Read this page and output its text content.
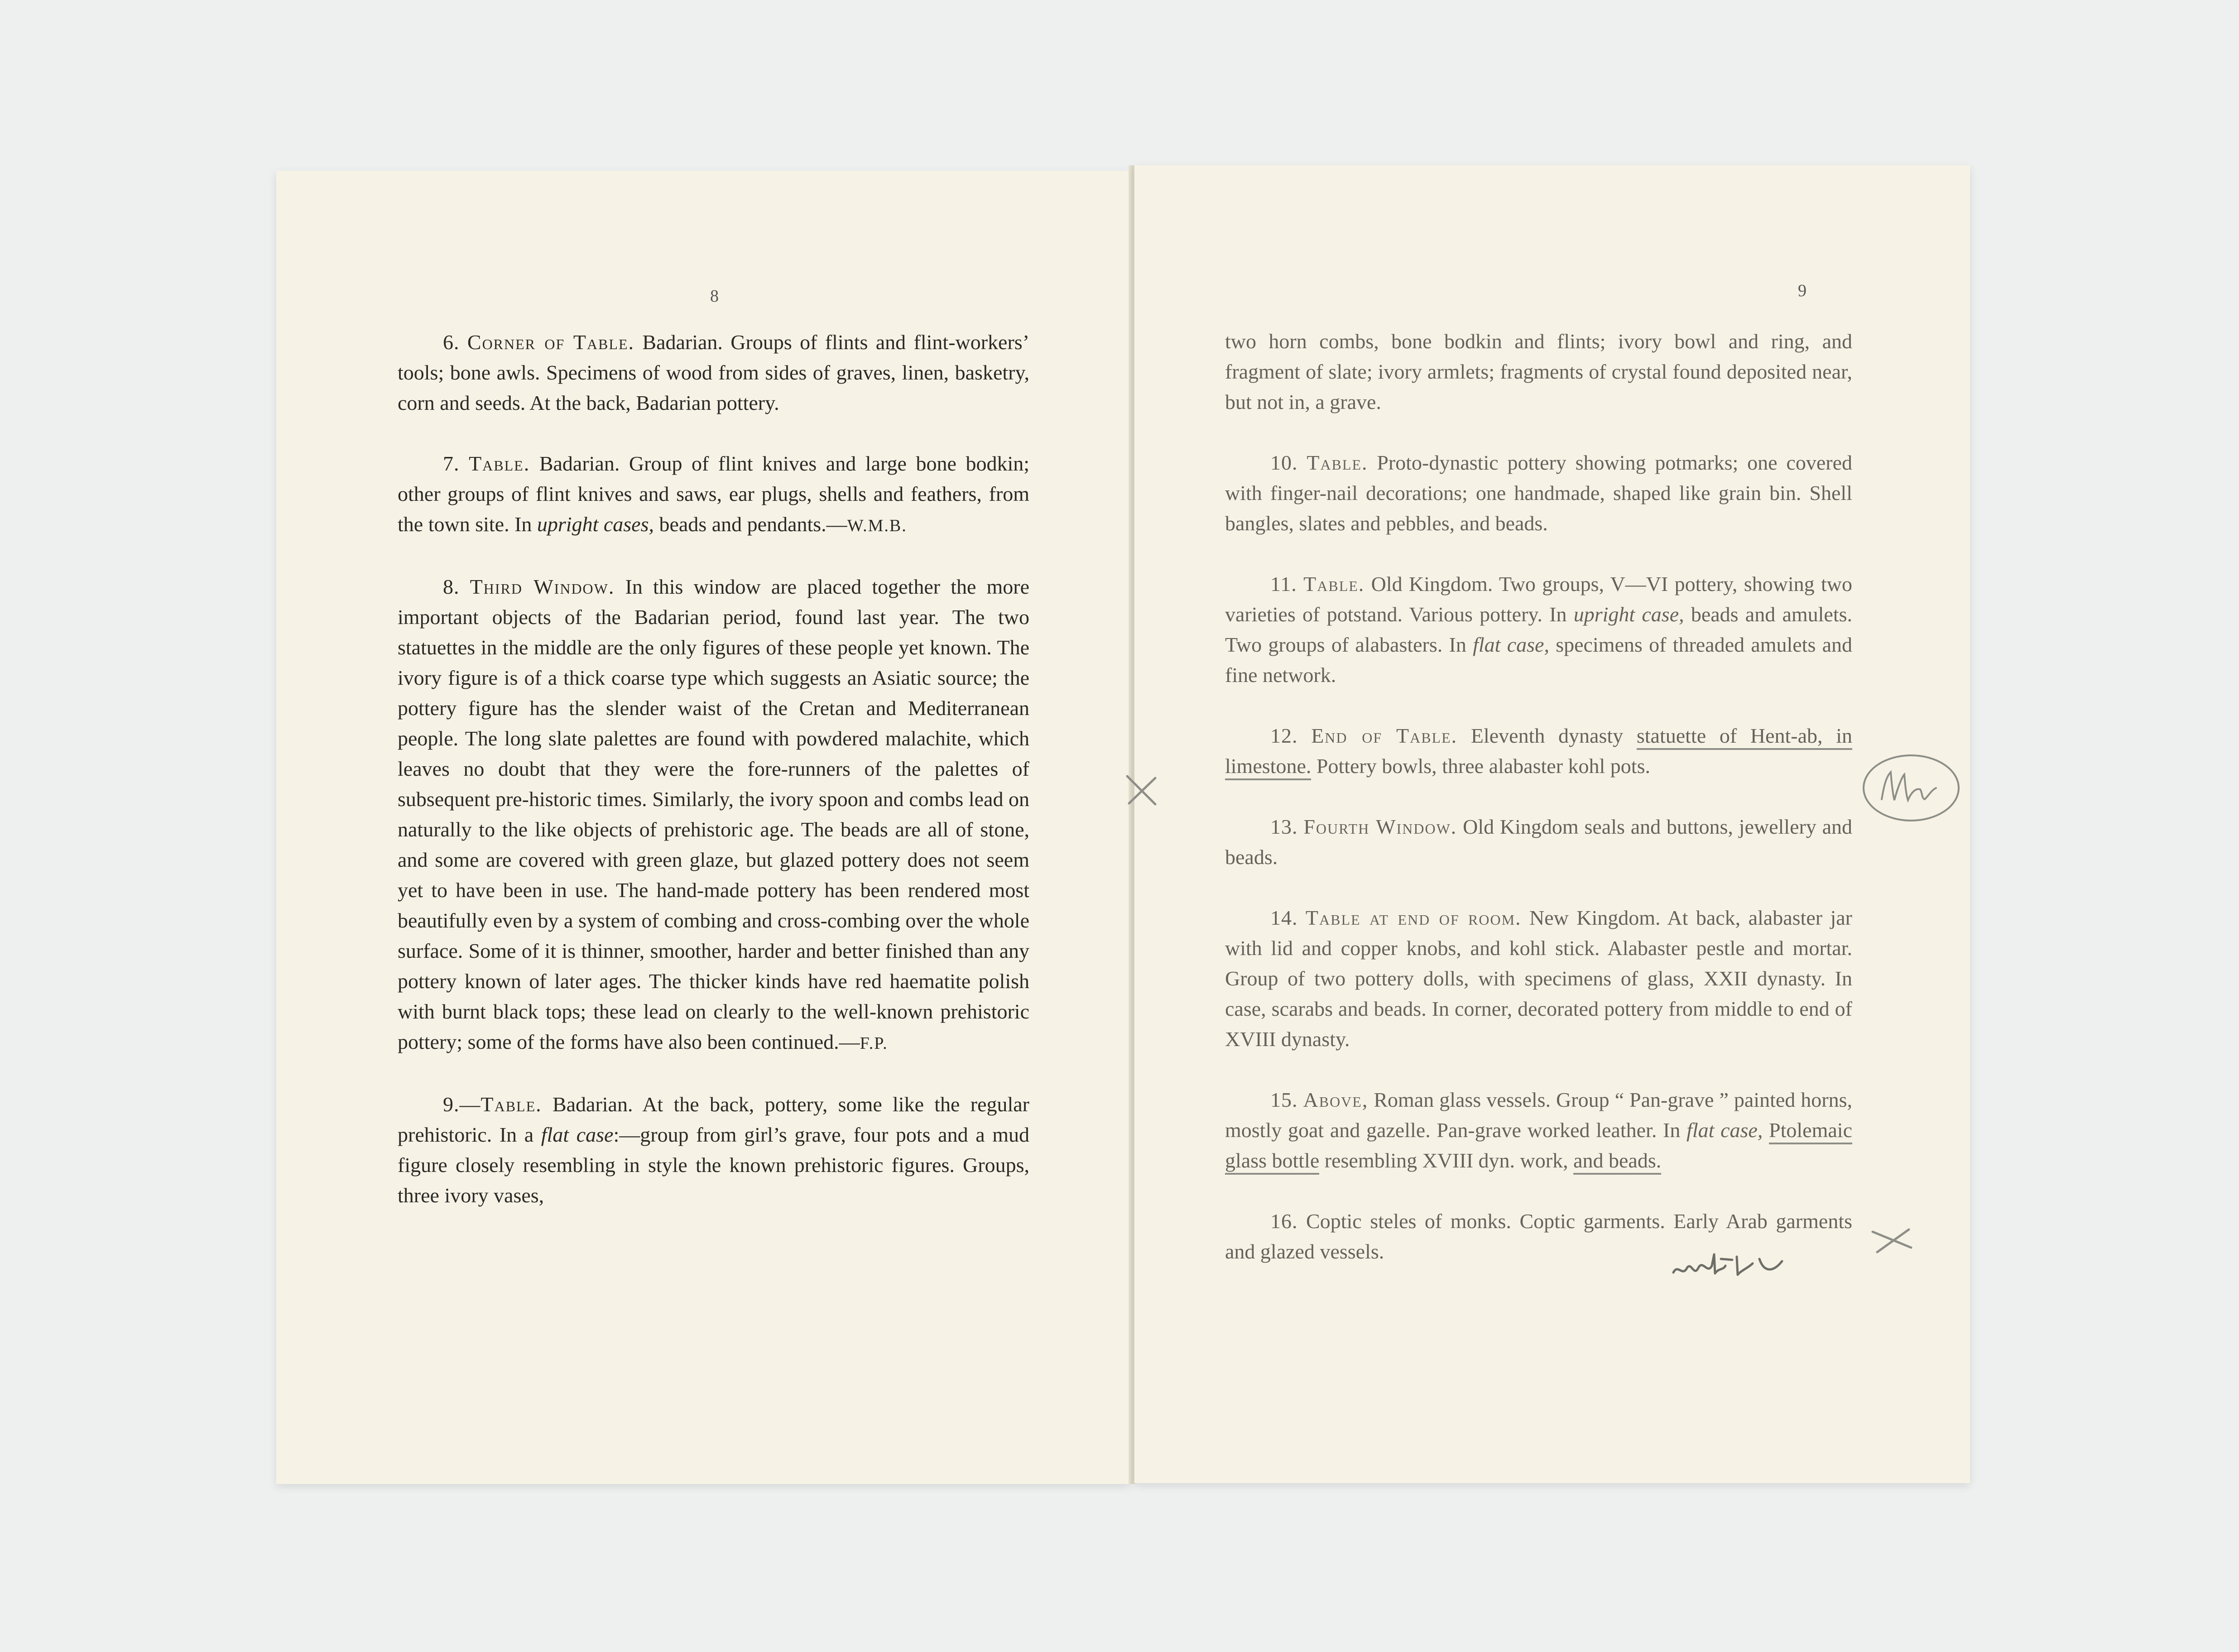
8

6. Corner of Table. Badarian. Groups of flints and flint-workers’ tools; bone awls. Specimens of wood from sides of graves, linen, basketry, corn and seeds. At the back, Badarian pottery.

7. Table. Badarian. Group of flint knives and large bone bodkin; other groups of flint knives and saws, ear plugs, shells and feathers, from the town site. In upright cases, beads and pendants.—W.M.B.

8. Third Window. In this window are placed together the more important objects of the Badarian period, found last year. The two statuettes in the middle are the only figures of these people yet known. The ivory figure is of a thick coarse type which suggests an Asiatic source; the pottery figure has the slender waist of the Cretan and Mediterranean people. The long slate palettes are found with powdered malachite, which leaves no doubt that they were the fore-runners of the palettes of subsequent pre-historic times. Similarly, the ivory spoon and combs lead on naturally to the like objects of prehistoric age. The beads are all of stone, and some are covered with green glaze, but glazed pottery does not seem yet to have been in use. The hand-made pottery has been rendered most beautifully even by a system of combing and cross-combing over the whole surface. Some of it is thinner, smoother, harder and better finished than any pottery known of later ages. The thicker kinds have red haematite polish with burnt black tops; these lead on clearly to the well-known prehistoric pottery; some of the forms have also been continued.—F.P.

9.—Table. Badarian. At the back, pottery, some like the regular prehistoric. In a flat case:—group from girl’s grave, four pots and a mud figure closely resembling in style the known prehistoric figures. Groups, three ivory vases,

9

two horn combs, bone bodkin and flints; ivory bowl and ring, and fragment of slate; ivory armlets; fragments of crystal found deposited near, but not in, a grave.

10. Table. Proto-dynastic pottery showing potmarks; one covered with finger-nail decorations; one handmade, shaped like grain bin. Shell bangles, slates and pebbles, and beads.

11. Table. Old Kingdom. Two groups, V—VI pottery, showing two varieties of potstand. Various pottery. In upright case, beads and amulets. Two groups of alabasters. In flat case, specimens of threaded amulets and fine network.

12. End of Table. Eleventh dynasty statuette of Hent-ab, in limestone. Pottery bowls, three alabaster kohl pots.

13. Fourth Window. Old Kingdom seals and buttons, jewellery and beads.

14. Table at end of room. New Kingdom. At back, alabaster jar with lid and copper knobs, and kohl stick. Alabaster pestle and mortar. Group of two pottery dolls, with specimens of glass, XXII dynasty. In case, scarabs and beads. In corner, decorated pottery from middle to end of XVIII dynasty.

15. Above, Roman glass vessels. Group “ Pan-grave ” painted horns, mostly goat and gazelle. Pan-grave worked leather. In flat case, Ptolemaic glass bottle resembling XVIII dyn. work, and beads.

16. Coptic steles of monks. Coptic garments. Early Arab garments and glazed vessels.
